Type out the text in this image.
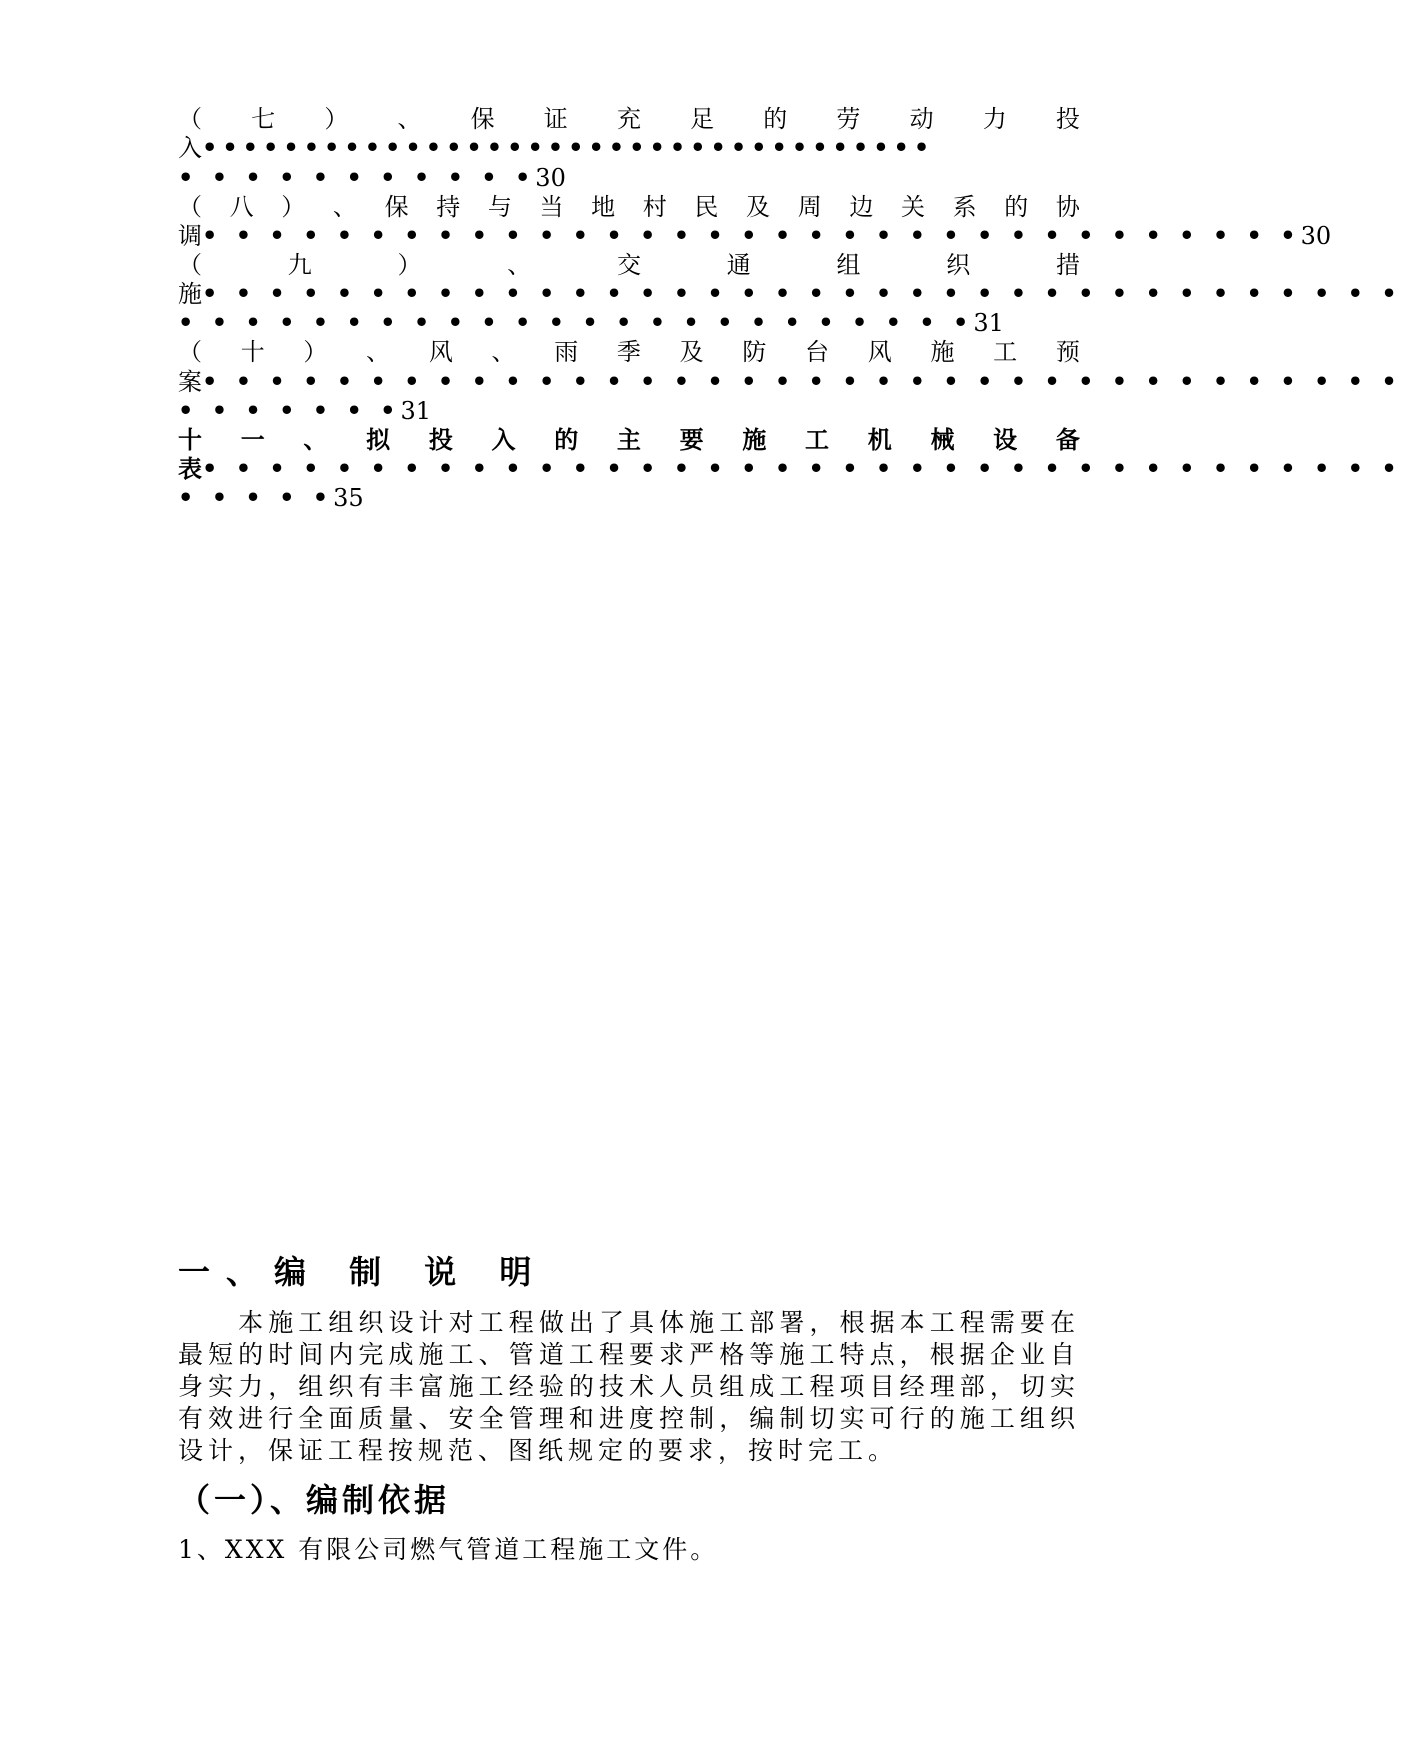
（ 七 ） 、 保 证 充 足 的 劳 动 力 投
入••••••••••••••••••••••••••••••••••••
• • • • • • • • • • •30
（ 八 ） 、 保 持 与 当 地 村 民 及 周 边 关 系 的 协
调• • • • • • • • • • • • • • • • • • • • • • • • • • • • • • • • •30
（	九	）	、	交	通	组	织	措
施• • • • • • • • • • • • • • • • • • • • • • • • • • • • • • • • • • • •
• • • • • • • • • • • • • • • • • • • • • • • •31
（ 十 ） 、 风 、 雨 季 及 防 台 风 施 工 预
案• • • • • • • • • • • • • • • • • • • • • • • • • • • • • • • • • • • •
• • • • • • •31
十 一 、 拟 投 入 的 主 要 施 工 机 械 设 备
表• • • • • • • • • • • • • • • • • • • • • • • • • • • • • • • • • • • •
• • • • •35
一、编 制 说 明
　　本施工组织设计对工程做出了具体施工部署，根据本工程需要在最短的时间内完成施工、管道工程要求严格等施工特点，根据企业自身实力，组织有丰富施工经验的技术人员组成工程项目经理部，切实有效进行全面质量、安全管理和进度控制，编制切实可行的施工组织设计，保证工程按规范、图纸规定的要求，按时完工。
（一）、编制依据
1、XXX 有限公司燃气管道工程施工文件。
